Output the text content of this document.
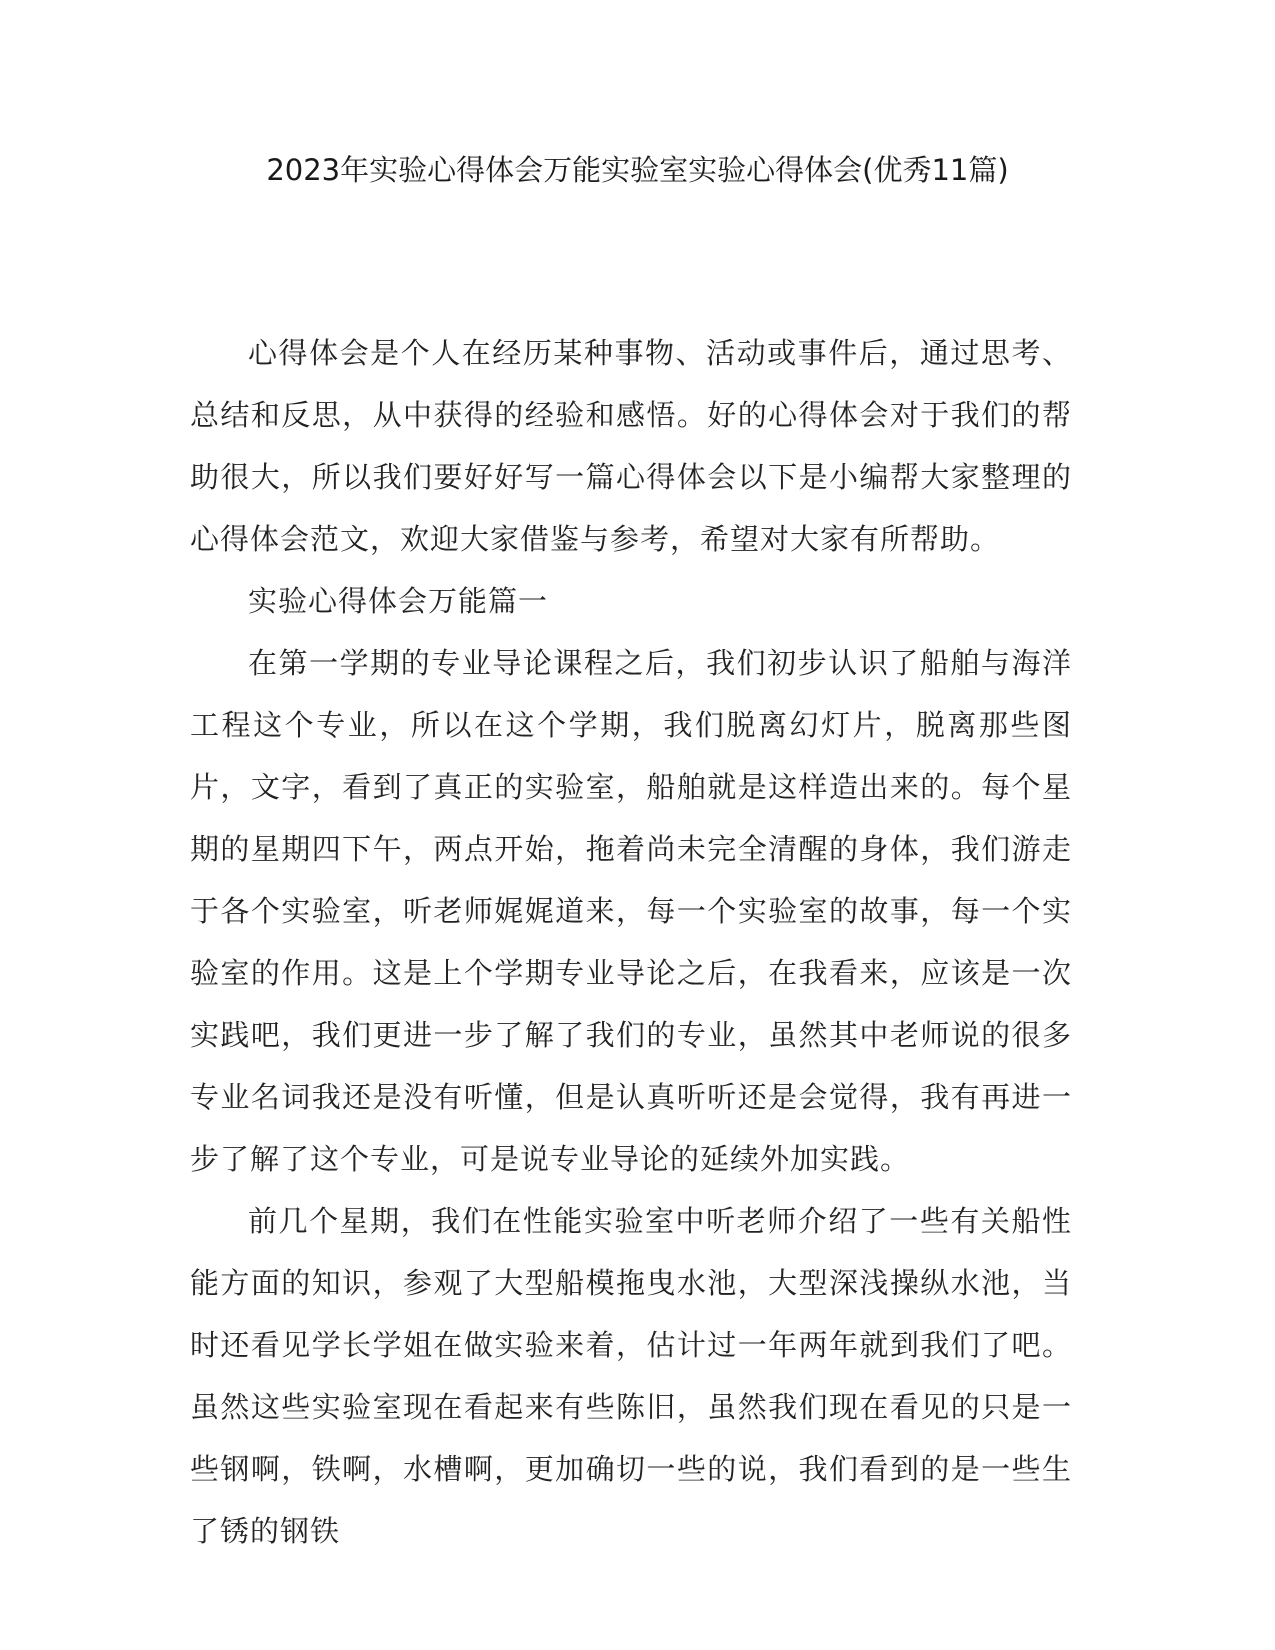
2023年实验心得体会万能实验室实验心得体会(优秀11篇)

心得体会是个人在经历某种事物、活动或事件后，通过思考、总结和反思，从中获得的经验和感悟。好的心得体会对于我们的帮助很大，所以我们要好好写一篇心得体会以下是小编帮大家整理的心得体会范文，欢迎大家借鉴与参考，希望对大家有所帮助。

实验心得体会万能篇一

在第一学期的专业导论课程之后，我们初步认识了船舶与海洋工程这个专业，所以在这个学期，我们脱离幻灯片，脱离那些图片，文字，看到了真正的实验室，船舶就是这样造出来的。每个星期的星期四下午，两点开始，拖着尚未完全清醒的身体，我们游走于各个实验室，听老师娓娓道来，每一个实验室的故事，每一个实验室的作用。这是上个学期专业导论之后，在我看来，应该是一次实践吧，我们更进一步了解了我们的专业，虽然其中老师说的很多专业名词我还是没有听懂，但是认真听听还是会觉得，我有再进一步了解了这个专业，可是说专业导论的延续外加实践。

前几个星期，我们在性能实验室中听老师介绍了一些有关船性能方面的知识，参观了大型船模拖曳水池，大型深浅操纵水池，当时还看见学长学姐在做实验来着，估计过一年两年就到我们了吧。虽然这些实验室现在看起来有些陈旧，虽然我们现在看见的只是一些钢啊，铁啊，水槽啊，更加确切一些的说，我们看到的是一些生了锈的钢铁
